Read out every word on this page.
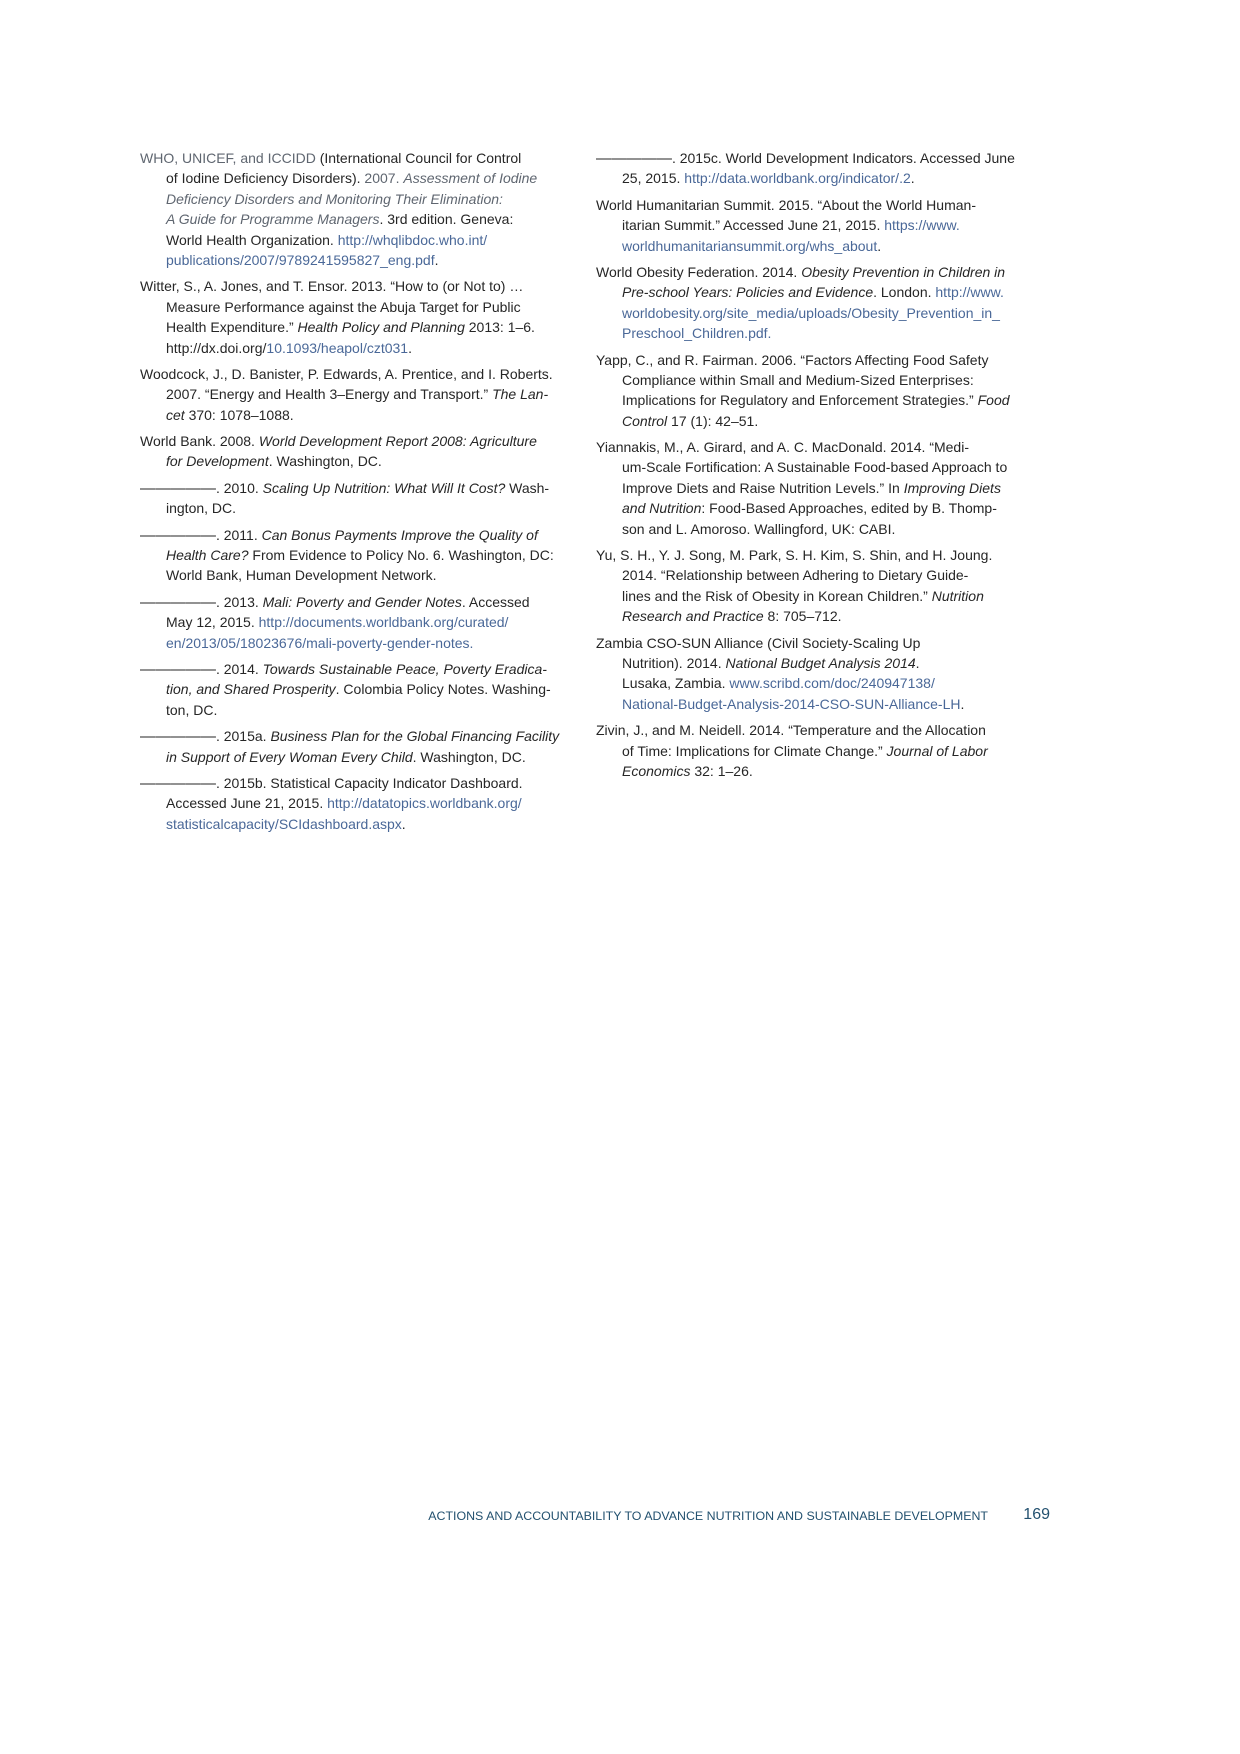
WHO, UNICEF, and ICCIDD (International Council for Control
of Iodine Deficiency Disorders). 2007. Assessment of Iodine
Deficiency Disorders and Monitoring Their Elimination:
A Guide for Programme Managers. 3rd edition. Geneva:
World Health Organization. http://whqlibdoc.who.int/
publications/2007/9789241595827_eng.pdf.
Witter, S., A. Jones, and T. Ensor. 2013. “How to (or Not to) …
Measure Performance against the Abuja Target for Public
Health Expenditure.” Health Policy and Planning 2013: 1–6.
http://dx.doi.org/10.1093/heapol/czt031.
Woodcock, J., D. Banister, P. Edwards, A. Prentice, and I. Roberts.
2007. “Energy and Health 3–Energy and Transport.” The Lan-
cet 370: 1078–1088.
World Bank. 2008. World Development Report 2008: Agriculture
for Development. Washington, DC.
—————. 2010. Scaling Up Nutrition: What Will It Cost? Wash-
ington, DC.
—————. 2011. Can Bonus Payments Improve the Quality of
Health Care? From Evidence to Policy No. 6. Washington, DC:
World Bank, Human Development Network.
—————. 2013. Mali: Poverty and Gender Notes. Accessed
May 12, 2015. http://documents.worldbank.org/curated/
en/2013/05/18023676/mali-poverty-gender-notes.
—————. 2014. Towards Sustainable Peace, Poverty Eradica-
tion, and Shared Prosperity. Colombia Policy Notes. Washing-
ton, DC.
—————. 2015a. Business Plan for the Global Financing Facility
in Support of Every Woman Every Child. Washington, DC.
—————. 2015b. Statistical Capacity Indicator Dashboard.
Accessed June 21, 2015. http://datatopics.worldbank.org/
statisticalcapacity/SCIdashboard.aspx.
—————. 2015c. World Development Indicators. Accessed June
25, 2015. http://data.worldbank.org/indicator/.2.
World Humanitarian Summit. 2015. “About the World Human-
itarian Summit.” Accessed June 21, 2015. https://www.
worldhumanitariansummit.org/whs_about.
World Obesity Federation. 2014. Obesity Prevention in Children in
Pre-school Years: Policies and Evidence. London. http://www.
worldobesity.org/site_media/uploads/Obesity_Prevention_in_
Preschool_Children.pdf.
Yapp, C., and R. Fairman. 2006. “Factors Affecting Food Safety
Compliance within Small and Medium-Sized Enterprises:
Implications for Regulatory and Enforcement Strategies.” Food
Control 17 (1): 42–51.
Yiannakis, M., A. Girard, and A. C. MacDonald. 2014. “Medi-
um-Scale Fortification: A Sustainable Food-based Approach to
Improve Diets and Raise Nutrition Levels.” In Improving Diets
and Nutrition: Food-Based Approaches, edited by B. Thomp-
son and L. Amoroso. Wallingford, UK: CABI.
Yu, S. H., Y. J. Song, M. Park, S. H. Kim, S. Shin, and H. Joung.
2014. “Relationship between Adhering to Dietary Guide-
lines and the Risk of Obesity in Korean Children.” Nutrition
Research and Practice 8: 705–712.
Zambia CSO-SUN Alliance (Civil Society-Scaling Up
Nutrition). 2014. National Budget Analysis 2014.
Lusaka, Zambia. www.scribd.com/doc/240947138/
National-Budget-Analysis-2014-CSO-SUN-Alliance-LH.
Zivin, J., and M. Neidell. 2014. “Temperature and the Allocation
of Time: Implications for Climate Change.” Journal of Labor
Economics 32: 1–26.
ACTIONS AND ACCOUNTABILITY TO ADVANCE NUTRITION AND SUSTAINABLE DEVELOPMENT 169
